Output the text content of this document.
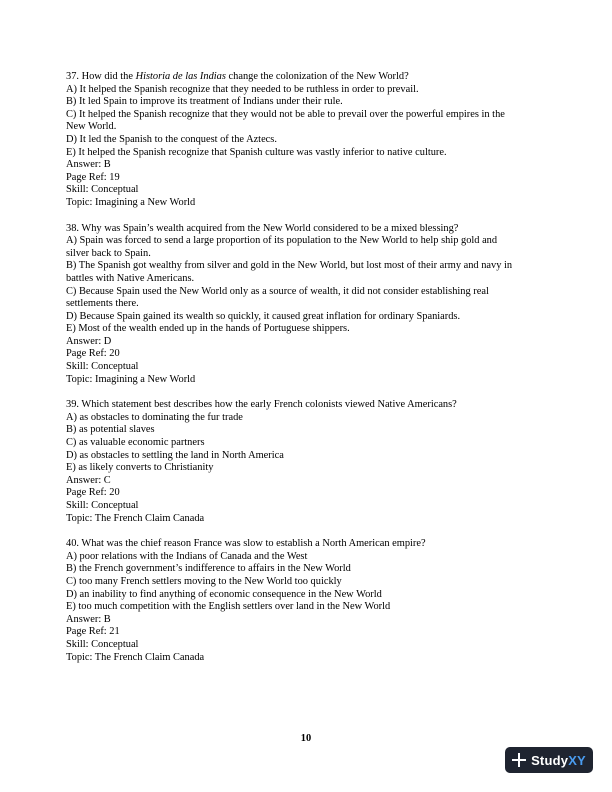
37. How did the Historia de las Indias change the colonization of the New World?
A) It helped the Spanish recognize that they needed to be ruthless in order to prevail.
B) It led Spain to improve its treatment of Indians under their rule.
C) It helped the Spanish recognize that they would not be able to prevail over the powerful empires in the
New World.
D) It led the Spanish to the conquest of the Aztecs.
E) It helped the Spanish recognize that Spanish culture was vastly inferior to native culture.
Answer: B
Page Ref: 19
Skill: Conceptual
Topic: Imagining a New World
38. Why was Spain’s wealth acquired from the New World considered to be a mixed blessing?
A) Spain was forced to send a large proportion of its population to the New World to help ship gold and
silver back to Spain.
B) The Spanish got wealthy from silver and gold in the New World, but lost most of their army and navy in
battles with Native Americans.
C) Because Spain used the New World only as a source of wealth, it did not consider establishing real
settlements there.
D) Because Spain gained its wealth so quickly, it caused great inflation for ordinary Spaniards.
E) Most of the wealth ended up in the hands of Portuguese shippers.
Answer: D
Page Ref: 20
Skill: Conceptual
Topic: Imagining a New World
39. Which statement best describes how the early French colonists viewed Native Americans?
A) as obstacles to dominating the fur trade
B) as potential slaves
C) as valuable economic partners
D) as obstacles to settling the land in North America
E) as likely converts to Christianity
Answer: C
Page Ref: 20
Skill: Conceptual
Topic: The French Claim Canada
40. What was the chief reason France was slow to establish a North American empire?
A) poor relations with the Indians of Canada and the West
B) the French government’s indifference to affairs in the New World
C) too many French settlers moving to the New World too quickly
D) an inability to find anything of economic consequence in the New World
E) too much competition with the English settlers over land in the New World
Answer: B
Page Ref: 21
Skill: Conceptual
Topic: The French Claim Canada
10
StudyXY
